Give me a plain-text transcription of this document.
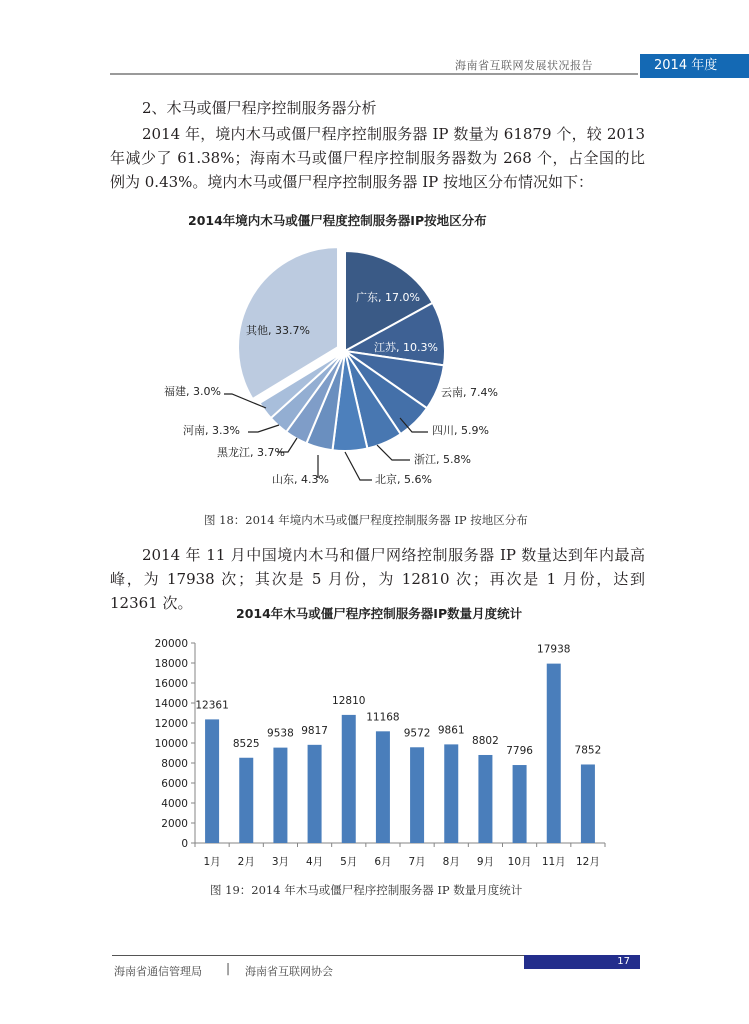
海南省互联网发展状况报告	2014 年度
2、木马或僵尸程序控制服务器分析
2014 年，境内木马或僵尸程序控制服务器 IP 数量为 61879 个，较 2013 年减少了 61.38%；海南木马或僵尸程序控制服务器数为 268 个，占全国的比例为 0.43%。境内木马或僵尸程序控制服务器 IP 按地区分布情况如下：
2014年境内木马或僵尸程度控制服务器IP按地区分布
广东, 17.0%
江苏, 10.3%
云南, 7.4%
四川, 5.9%
浙江, 5.8%
北京, 5.6%
山东, 4.3%
黑龙江, 3.7%
河南, 3.3%
福建, 3.0%
其他, 33.7%
图 18：2014 年境内木马或僵尸程度控制服务器 IP 按地区分布
2014 年 11 月中国境内木马和僵尸网络控制服务器 IP 数量达到年内最高峰，为 17938 次；其次是 5 月份，为 12810 次；再次是 1 月份，达到 12361 次。
2014年木马或僵尸程序控制服务器IP数量月度统计
0
2000
4000
6000
8000
10000
12000
14000
16000
18000
20000
12361
1月
8525
2月
9538
3月
9817
4月
12810
5月
11168
6月
9572
7月
9861
8月
8802
9月
7796
10月
17938
11月
7852
12月
图 19：2014 年木马或僵尸程序控制服务器 IP 数量月度统计
海南省通信管理局 | 海南省互联网协会
17
